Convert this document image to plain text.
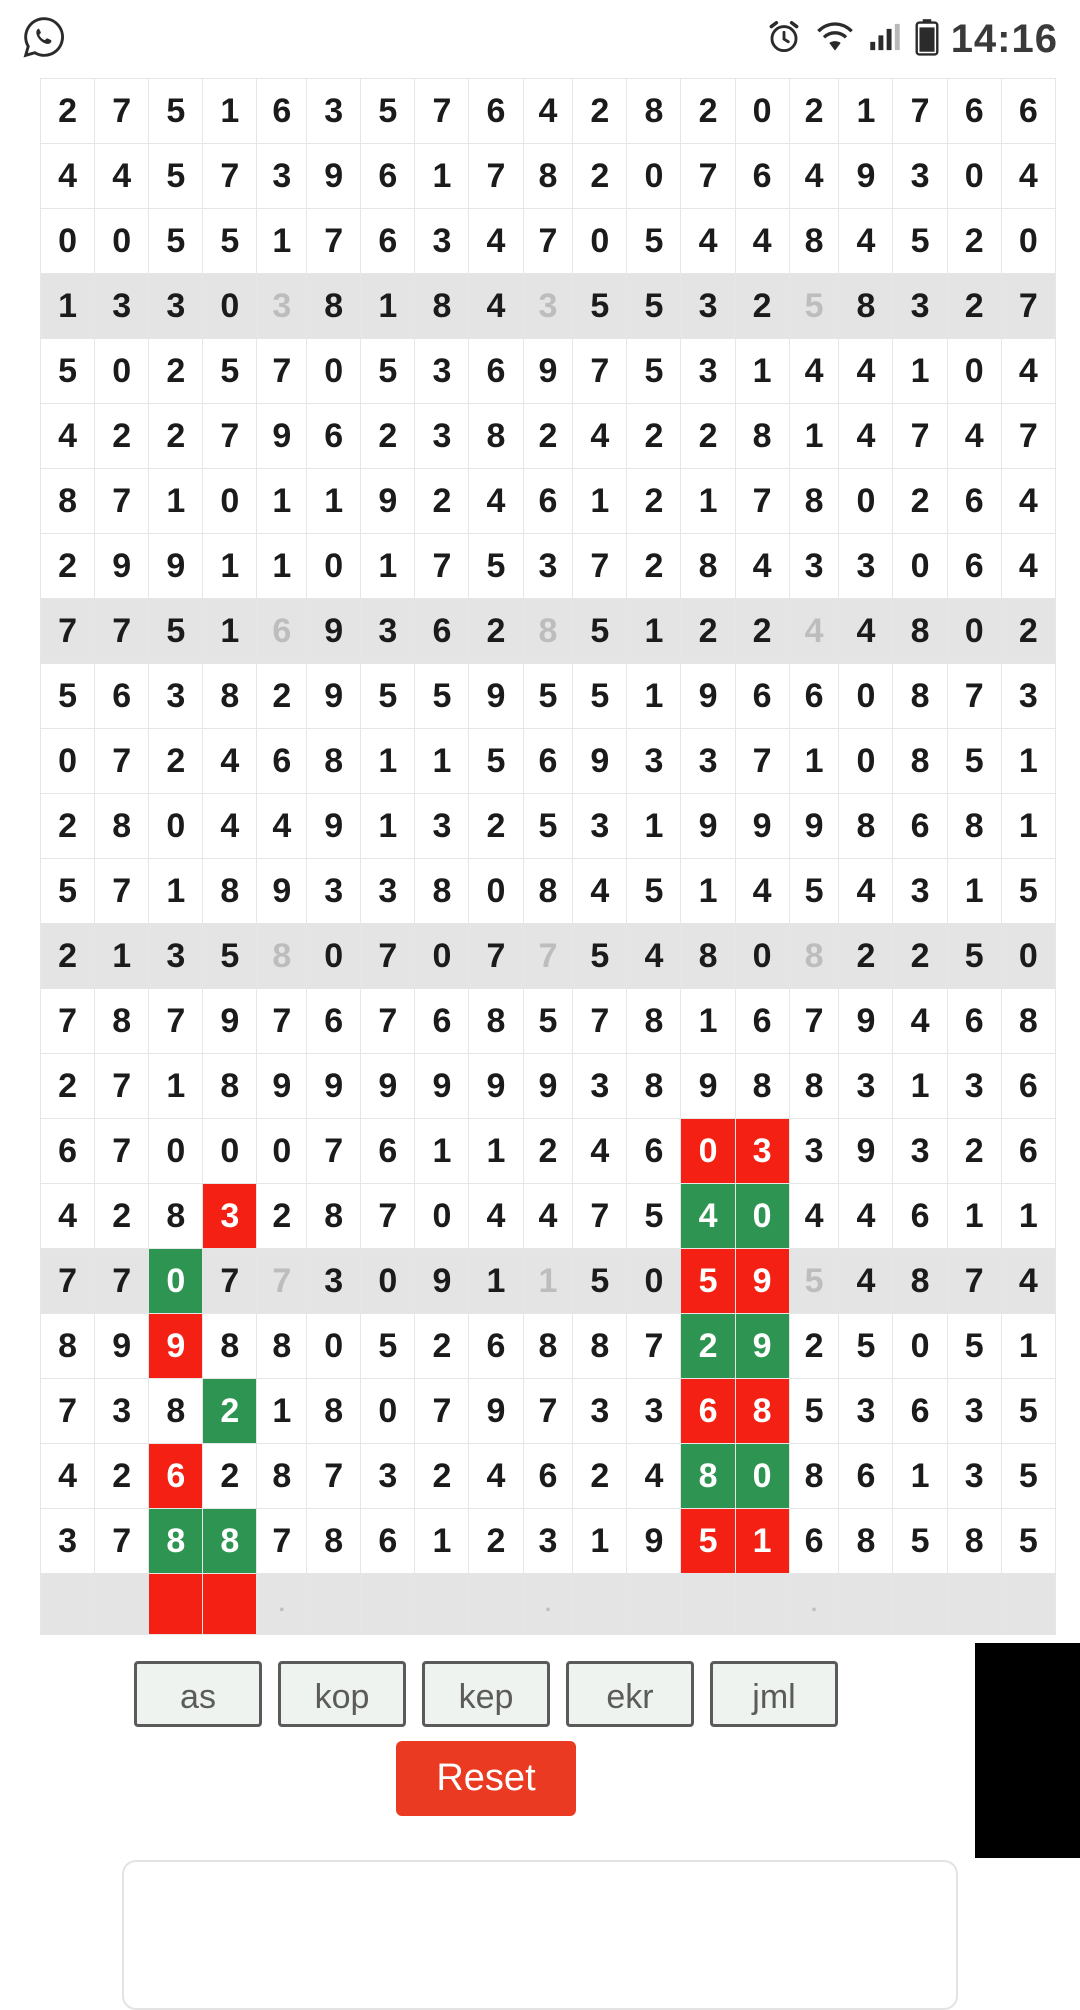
14:16
2	7	5	1	6	3	5	7	6	4	2	8	2	0	2	1	7	6	6
4	4	5	7	3	9	6	1	7	8	2	0	7	6	4	9	3	0	4
0	0	5	5	1	7	6	3	4	7	0	5	4	4	8	4	5	2	0
1	3	3	0	3	8	1	8	4	3	5	5	3	2	5	8	3	2	7
5	0	2	5	7	0	5	3	6	9	7	5	3	1	4	4	1	0	4
4	2	2	7	9	6	2	3	8	2	4	2	2	8	1	4	7	4	7
8	7	1	0	1	1	9	2	4	6	1	2	1	7	8	0	2	6	4
2	9	9	1	1	0	1	7	5	3	7	2	8	4	3	3	0	6	4
7	7	5	1	6	9	3	6	2	8	5	1	2	2	4	4	8	0	2
5	6	3	8	2	9	5	5	9	5	5	1	9	6	6	0	8	7	3
0	7	2	4	6	8	1	1	5	6	9	3	3	7	1	0	8	5	1
2	8	0	4	4	9	1	3	2	5	3	1	9	9	9	8	6	8	1
5	7	1	8	9	3	3	8	0	8	4	5	1	4	5	4	3	1	5
2	1	3	5	8	0	7	0	7	7	5	4	8	0	8	2	2	5	0
7	8	7	9	7	6	7	6	8	5	7	8	1	6	7	9	4	6	8
2	7	1	8	9	9	9	9	9	9	3	8	9	8	8	3	1	3	6
6	7	0	0	0	7	6	1	1	2	4	6	0	3	3	9	3	2	6
4	2	8	3	2	8	7	0	4	4	7	5	4	0	4	4	6	1	1
7	7	0	7	7	3	0	9	1	1	5	0	5	9	5	4	8	7	4
8	9	9	8	8	0	5	2	6	8	8	7	2	9	2	5	0	5	1
7	3	8	2	1	8	0	7	9	7	3	3	6	8	5	3	6	3	5
4	2	6	2	8	7	3	2	4	6	2	4	8	0	8	6	1	3	5
3	7	8	8	7	8	6	1	2	3	1	9	5	1	6	8	5	8	5
				.					.					.				
as	kop	kep	ekr	jml
Reset
